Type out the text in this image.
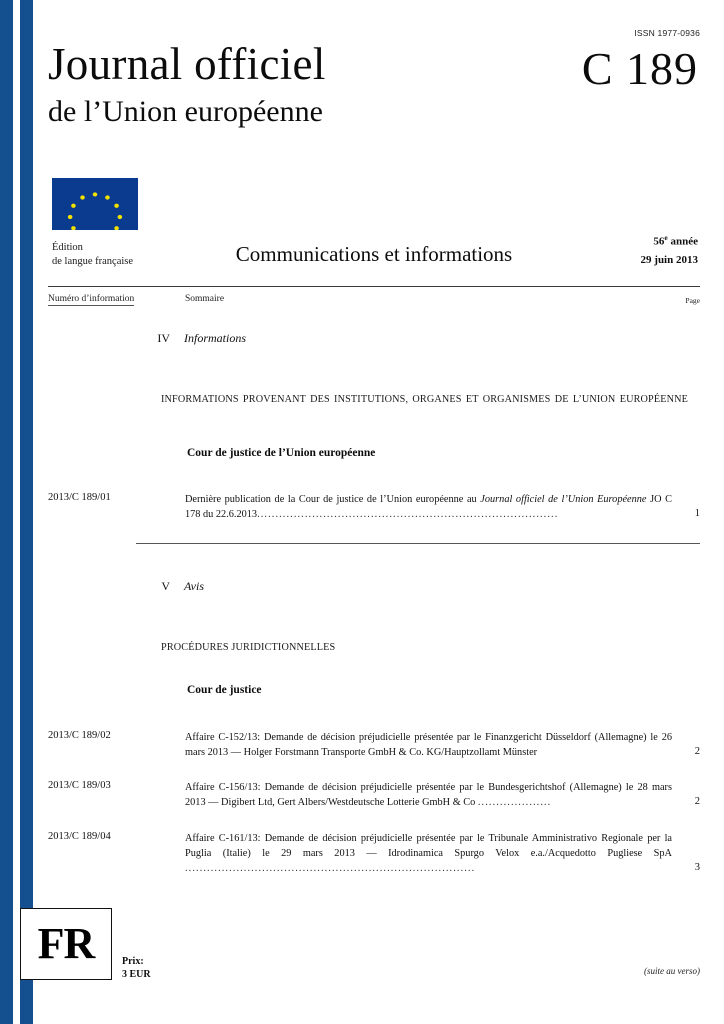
ISSN 1977-0936
Journal officiel
de l’Union européenne
C 189
Édition
de langue française	Communications et informations
56e année
29 juin 2013
Numéro d’information	Sommaire	Page
IV Informations
INFORMATIONS PROVENANT DES INSTITUTIONS, ORGANES ET ORGANISMES DE L’UNION EUROPÉENNE
Cour de justice de l’Union européenne
2013/C 189/01	Dernière publication de la Cour de justice de l’Union européenne au Journal officiel de l’Union Européenne JO C 178 du 22.6.2013..................................................................................	1
V Avis
PROCÉDURES JURIDICTIONNELLES
Cour de justice
2013/C 189/02	Affaire C-152/13: Demande de décision préjudicielle présentée par le Finanzgericht Düsseldorf (Allemagne) le 26 mars 2013 — Holger Forstmann Transporte GmbH & Co. KG/Hauptzollamt Münster	2
2013/C 189/03	Affaire C-156/13: Demande de décision préjudicielle présentée par le Bundesgerichtshof (Allemagne) le 28 mars 2013 — Digibert Ltd, Gert Albers/Westdeutsche Lotterie GmbH & Co ....................	2
2013/C 189/04	Affaire C-161/13: Demande de décision préjudicielle présentée par le Tribunale Amministrativo Regionale per la Puglia (Italie) le 29 mars 2013 — Idrodinamica Spurgo Velox e.a./Acquedotto Pugliese SpA ...............................................................................	3
FR	Prix:
3 EUR	(suite au verso)
